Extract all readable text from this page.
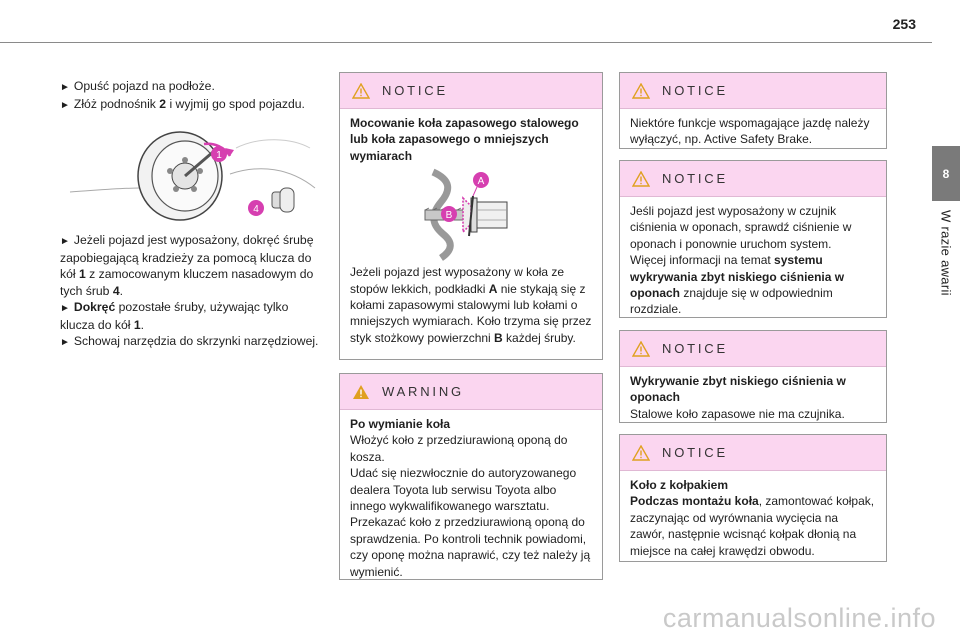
253
8
W razie awarii

► Opuść pojazd na podłoże.

► Złóż podnośnik 2 i wyjmij go spod pojazdu.

1
4

► Jeżeli pojazd jest wyposażony, dokręć śrubę zapobiegającą kradzieży za pomocą klucza do kół 1 z zamocowanym kluczem nasadowym do tych śrub 4.

► Dokręć pozostałe śruby, używając tylko klucza do kół 1.

► Schowaj narzędzia do skrzynki narzędziowej.

NOTICE

Mocowanie koła zapasowego stalowego lub koła zapasowego o mniejszych wymiarach

A
B

Jeżeli pojazd jest wyposażony w koła ze stopów lekkich, podkładki A nie stykają się z kołami zapasowymi stalowymi lub kołami o mniejszych wymiarach. Koło trzyma się przez styk stożkowy powierzchni B każdej śruby.

WARNING

Po wymianie koła

Włożyć koło z przedziurawioną oponą do kosza.

Udać się niezwłocznie do autoryzowanego dealera Toyota lub serwisu Toyota albo innego wykwalifikowanego warsztatu.

Przekazać koło z przedziurawioną oponą do sprawdzenia. Po kontroli technik powiadomi, czy oponę można naprawić, czy też należy ją wymienić.

NOTICE

Niektóre funkcje wspomagające jazdę należy wyłączyć, np. Active Safety Brake.

NOTICE

Jeśli pojazd jest wyposażony w czujnik ciśnienia w oponach, sprawdź ciśnienie w oponach i ponownie uruchom system.

Więcej informacji na temat systemu wykrywania zbyt niskiego ciśnienia w oponach znajduje się w odpowiednim rozdziale.

NOTICE

Wykrywanie zbyt niskiego ciśnienia w oponach

Stalowe koło zapasowe nie ma czujnika.

NOTICE

Koło z kołpakiem

Podczas montażu koła, zamontować kołpak, zaczynając od wyrównania wycięcia na zawór, następnie wcisnąć kołpak dłonią na miejsce na całej krawędzi obwodu.

carmanualsonline.info
